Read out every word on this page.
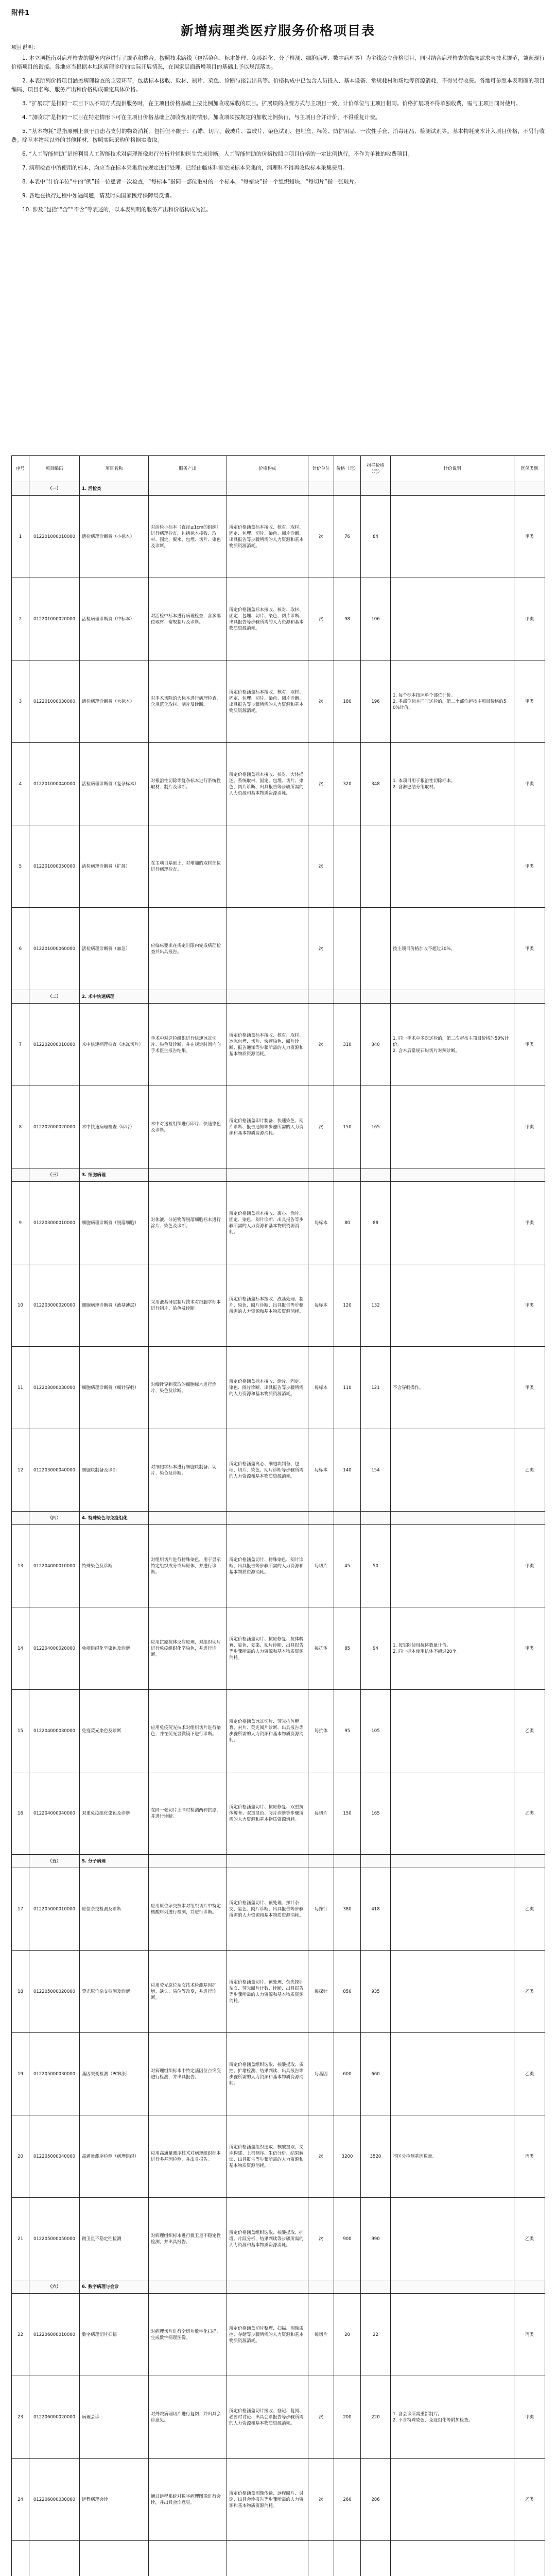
附件1
新增病理类医疗服务价格项目表
项目说明：

1. 本立项指南对病理检查的服务内容进行了规范和整合。按照技术路线（包括染色、标本处理、免疫组化、分子检测、细胞病理、数字病理等）为主线设立价格项目，同时结合病理检查的临床需求与技术规范，兼顾现行价格项目的衔接。各地应当根据本地区病理诊疗的实际开展情况，在国家层面新增项目的基础上予以规范落实。

2. 本表所列价格项目涵盖病理检查的主要环节，包括标本接收、取材、制片、染色、诊断与报告出具等。价格构成中已包含人员投入、基本设备、常规耗材和场地等资源消耗，不得另行收费。各地可参照本表明确的项目编码、项目名称、服务产出和价格构成确定具体价格。

3. “扩展项”是指同一项目下以不同方式提供服务时，在主项目价格基础上按比例加收或减收的项目。扩展项的收费方式与主项目一致，计价单位与主项目相同。价格扩展项不得单独收费，需与主项目同时使用。

4. “加收项”是指同一项目在特定情形下可在主项目价格基础上加收费用的情形。加收项须按规定的加收比例执行，与主项目合并计价，不得重复计费。

5. “基本物耗”是指原则上限于由患者支付的物资消耗。包括但不限于：石蜡、切片、载玻片、盖玻片、染色试剂、包埋盒、标签、防护用品、一次性手套、消毒用品、检测试剂等。基本物耗成本计入项目价格，不另行收费。除基本物耗以外的其他耗材，按照实际采购价格据实收取。

6. “人工智能辅助”是指利用人工智能技术对病理图像进行分析并辅助医生完成诊断。人工智能辅助的价格按照主项目价格的一定比例执行，不作为单独的收费项目。

7. 病理检查中所使用的标本，均应当在标本采集后按规定进行处理。已经由临床科室完成标本采集的，病理科不得再收取标本采集费用。

8. 本表中“计价单位”中的“例”指一位患者一次检查，“每标本”指同一部位取材的一个标本，“每蜡块”指一个组织蜡块，“每切片”指一张玻片。

9. 各地在执行过程中如遇问题，请及时向国家医疗保障局反馈。

10. 涉及“包括”“含”“不含”等表述的，以本表列明的服务产出和价格构成为准。

序号	项目编码	项目名称	服务产出	价格构成	计价单位	价格（元）	指导价格（元）	计价说明	医保类别
	（一）	1. 活检类							
1	012201000010000	活检病理诊断费（小标本）	对活检小标本（直径≤1cm的组织）进行病理检查，包括标本接收、取材、固定、脱水、包埋、切片、染色及诊断。	所定价格涵盖标本接收、核对、取材、固定、包埋、切片、染色、阅片诊断、出具报告等步骤所需的人力资源和基本物质资源消耗。	次	76	84		甲类
2	012201000020000	活检病理诊断费（中标本）	对活检中标本进行病理检查，含多部位取材、常规制片及诊断。	所定价格涵盖标本接收、核对、取材、固定、包埋、切片、染色、阅片诊断、出具报告等步骤所需的人力资源和基本物质资源消耗。	次	98	106		甲类
3	012201000030000	活检病理诊断费（大标本）	对手术切除的大标本进行病理检查，含规范化取材、制片及诊断。	所定价格涵盖标本接收、核对、取材、固定、包埋、切片、染色、阅片诊断、出具报告等步骤所需的人力资源和基本物质资源消耗。	次	180	196	1. 每个标本按照单个部位计价。
2. 多部位标本同时送检的，第二个部位起按主项目价格的50%计价。	甲类
4	012201000040000	活检病理诊断费（复杂标本）	对根治性切除等复杂标本进行系统性取材、制片及诊断。	所定价格涵盖标本接收、核对、大体描述、系统取材、固定、包埋、切片、染色、阅片诊断、出具报告等步骤所需的人力资源和基本物质资源消耗。	次	320	348	1. 本项目用于根治性切除标本。
2. 含淋巴结分组取材。	甲类
5	012201000050000	活检病理诊断费（扩展）	在主项目基础上，对增加的取材部位进行病理检查。		次				甲类
6	012201000060000	活检病理诊断费（加急）	应临床要求在规定时限内完成病理检查并出具报告。		次			按主项目价格加收不超过30%。	甲类
	（二）	2. 术中快速病理							
7	012202000010000	术中快速病理检查（冰冻切片）	手术中对送检组织进行快速冰冻切片、染色及诊断，并在规定时间内向手术医生报告结果。	所定价格涵盖标本接收、核对、取材、冰冻包埋、切片、快速染色、阅片诊断、报告通知等步骤所需的人力资源和基本物质资源消耗。	次	310	340	1. 同一手术中多次送检的，第二次起按主项目价格的50%计价。
2. 含术后常规石蜡切片对照诊断。	甲类
8	012202000020000	术中快速病理检查（印片）	术中对送检组织进行印片、快速染色及诊断。	所定价格涵盖印片制备、快速染色、阅片诊断、报告通知等步骤所需的人力资源和基本物质资源消耗。	次	150	165		甲类
	（三）	3. 细胞病理							
9	012203000010000	细胞病理诊断费（脱落细胞）	对体液、分泌物等脱落细胞标本进行涂片、染色及诊断。	所定价格涵盖标本接收、离心、涂片、固定、染色、阅片诊断、出具报告等步骤所需的人力资源和基本物质资源消耗。	每标本	80	88		甲类
10	012203000020000	细胞病理诊断费（液基薄层）	采用液基薄层制片技术对细胞学标本进行制片、染色及诊断。	所定价格涵盖标本接收、液基处理、制片、染色、阅片诊断、出具报告等步骤所需的人力资源和基本物质资源消耗。	每标本	120	132		甲类
11	012203000030000	细胞病理诊断费（细针穿刺）	对细针穿刺获取的细胞标本进行涂片、染色及诊断。	所定价格涵盖标本接收、涂片、固定、染色、阅片诊断、出具报告等步骤所需的人力资源和基本物质资源消耗。	每标本	110	121	不含穿刺操作。	甲类
12	012203000040000	细胞块制备及诊断	对细胞学标本进行细胞块制备、切片、染色及诊断。	所定价格涵盖离心、细胞块制备、包埋、切片、染色、阅片诊断等步骤所需的人力资源和基本物质资源消耗。	每标本	140	154		乙类
	（四）	4. 特殊染色与免疫组化							
13	012204000010000	特殊染色及诊断	对组织切片进行特殊染色，用于显示特定组织成分或病原体，并进行诊断。	所定价格涵盖切片、特殊染色、阅片诊断、出具报告等步骤所需的人力资源和基本物质资源消耗。	每切片	45	50		甲类
14	012204000020000	免疫组织化学染色及诊断	应用抗原抗体反应原理，对组织切片进行免疫组织化学染色，并进行诊断。	所定价格涵盖切片、抗原修复、抗体孵育、显色、复染、阅片诊断、出具报告等步骤所需的人力资源和基本物质资源消耗。	每抗体	85	94	1. 按实际使用抗体数量计价。
2. 同一标本使用抗体不超过20个。	甲类
15	012204000030000	免疫荧光染色及诊断	应用免疫荧光技术对组织切片进行染色，并在荧光显微镜下进行诊断。	所定价格涵盖冰冻切片、荧光抗体孵育、封片、荧光阅片诊断、出具报告等步骤所需的人力资源和基本物质资源消耗。	每抗体	95	105		乙类
16	012204000040000	双重免疫组化染色及诊断	在同一张切片上同时检测两种抗原，并进行诊断。	所定价格涵盖切片、抗原修复、双重抗体孵育、双重显色、阅片诊断等步骤所需的人力资源和基本物质资源消耗。	每切片	150	165		乙类
	（五）	5. 分子病理							
17	012205000010000	原位杂交检测及诊断	应用原位杂交技术对组织切片中特定核酸序列进行检测，并进行诊断。	所定价格涵盖切片、预处理、探针杂交、显色、阅片诊断、出具报告等步骤所需的人力资源和基本物质资源消耗。	每探针	380	418		乙类
18	012205000020000	荧光原位杂交检测及诊断	应用荧光原位杂交技术检测基因扩增、缺失、易位等改变，并进行诊断。	所定价格涵盖切片、预处理、荧光探针杂交、荧光阅片计数、诊断、出具报告等步骤所需的人力资源和基本物质资源消耗。	每探针	850	935		乙类
19	012205000030000	基因突变检测（PCR法）	对病理组织标本中特定基因位点突变进行检测，并出具报告。	所定价格涵盖组织选取、核酸提取、质控、扩增检测、结果判读、出具报告等步骤所需的人力资源和基本物质资源消耗。	每基因	600	660		乙类
20	012205000040000	高通量测序检测（病理组织）	应用高通量测序技术对病理组织标本进行多基因检测，并出具报告。	所定价格涵盖组织选取、核酸提取、文库构建、上机测序、生信分析、结果解读、出具报告等步骤所需的人力资源和基本物质资源消耗。	次	3200	3520	不区分检测基因数量。	丙类
21	012205000050000	微卫星不稳定性检测	对病理组织标本进行微卫星不稳定性检测，并出具报告。	所定价格涵盖组织选取、核酸提取、扩增、片段分析、结果判读等步骤所需的人力资源和基本物质资源消耗。	次	900	990		乙类
	（六）	6. 数字病理与会诊							
22	012206000010000	数字病理切片扫描	对病理切片进行全切片数字化扫描，生成数字病理图像。	所定价格涵盖切片整理、扫描、图像质控、存储等步骤所需的人力资源和基本物质资源消耗。	每切片	20	22		丙类
23	012206000020000	病理会诊	对外院病理切片进行复阅，并出具会诊意见。	所定价格涵盖切片接收、登记、复阅、必要时讨论、出具会诊报告等步骤所需的人力资源和基本物质资源消耗。	次	200	220	1. 含会诊所需重新制片。
2. 不含特殊染色、免疫组化等附加检查。	甲类
24	012206000030000	远程病理会诊	通过远程系统对数字病理图像进行会诊，并出具会诊意见。	所定价格涵盖图像传输、远程阅片、讨论、出具会诊报告等步骤所需的人力资源和基本物质资源消耗。	次	260	286		乙类
